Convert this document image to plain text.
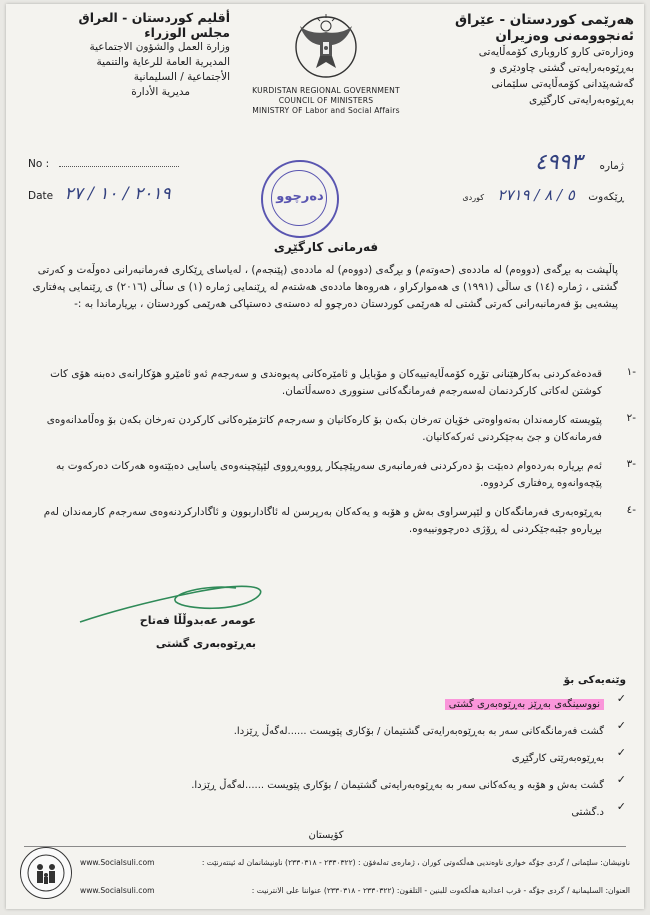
أقليم كوردستان - العراق
مجلس الوزراء
وزارة العمل والشؤون الاجتماعية
المديرية العامة للرعاية والتنمية
الأجتماعية / السليمانية
مديرية الأدارة	KURDISTAN REGIONAL GOVERNMENT
COUNCIL OF MINISTERS
MINISTRY OF Labor and Social Affairs
هەرێمی کوردستان - عێراق
ئەنجوومەنی وەزیران
وەزارەتی کارو کاروباری کۆمەڵایەتی
بەڕێوەبەرایەتی گشتی چاودێری و
گەشەپێدانی کۆمەڵایەتی سلێمانی
بەڕێوەبەرایەتی کارگێڕی
No :
Date ٢٠١٩ / ١٠ / ٢٧
ژمارە ٤٩٩٣
ڕێکەوت ٥ / ٨ / ٢٧١٩ کوردی
دەرچوو
فەرمانی کارگێڕی
پاڵپشت بە بڕگەی (دووەم) لە ماددەی (حەوتەم) و بڕگەی (دووەم) لە ماددەی (پێنجەم) ، لەیاسای ڕێکاری فەرمانبەرانی دەوڵەت و کەرتی گشتی ، ژمارە (١٤) ی ساڵی (١٩٩١) ی هەموارکراو ، هەروەها ماددەی هەشتەم لە ڕێنمایی ژمارە (١) ی ساڵی (٢٠١٦) ی ڕێنمایی پەفتاری پیشەیی بۆ فەرمانبەرانی کەرتی گشتی لە هەرێمی کوردستان دەرچوو لە دەستەی دەستپاکی هەرێمی کوردستان ، بڕیارماندا بە :-
-١
قەدەغەکردنی بەکارهێنانی تۆڕە کۆمەڵایەتییەکان و مۆبایل و ئامێرەکانی پەیوەندی و سەرجەم ئەو ئامێرو هۆکارانەی دەبنە هۆی کات کوشتن لەکاتی کارکردنمان لەسەرجەم فەرمانگەکانی سنووری دەسەڵاتمان.
-٢
پێویستە کارمەندان بەتەواوەتی خۆیان تەرخان بکەن بۆ کارەکانیان و سەرجەم کاتژمێرەکانی کارکردن تەرخان بکەن بۆ وەڵامدانەوەی فەرمانەکان و جێ بەجێکردنی ئەرکەکانیان.
-٣
ئەم بڕیارە بەردەوام دەبێت بۆ دەرکردنی فەرمانبەری سەرپێچیکار ڕووبەڕووی لێپێچینەوەی یاسایی دەبێتەوە هەرکات دەرکەوت بە پێچەوانەوە ڕەفتاری کردووە.
-٤
بەڕێوەبەری فەرمانگەکان و لێپرسراوی بەش و هۆبە و یەکەکان بەرپرسن لە ئاگاداربوون و ئاگادارکردنەوەی سەرجەم کارمەندان لەم بڕیارەو جێبەجێکردنی لە ڕۆژی دەرچوونییەوە.
عومەر عەبدوڵڵا فەتاح
بەڕێوەبەری گشتی
وێنەیەکی بۆ
✓
نووسینگەی بەڕێز بەڕێوەبەری گشتی
✓
گشت فەرمانگەکانی سەر بە بەڕێوەبەرایەتی گشتیمان / بۆکاری پێویست ......لەگەڵ ڕێزدا.
✓
بەڕێوەبەرێتی کارگێڕی
✓
گشت بەش و هۆبە و یەکەکانی سەر بە بەڕێوەبەرایەتی گشتیمان / بۆکاری پێویست ......لەگەڵ ڕێزدا.
✓
د.گشتی
کۆیستان
www.Socialsuli.com
www.Socialsuli.com
ناونیشان: سلێمانی / گردی جۆگە خواری ناوەندیی هەڵکەوتی کوران ، ژمارەی تەلەفۆن : (٢٣٣٠٣٢٢ - ٢٣٣٠٣١٨) ناونیشانمان لە ئینتەرنێت :
العنوان: السليمانية / گردی جۆگە - قرب اعدادية هەڵکەوت للبنين - التلفون: (٢٣٣٠٣٢٢ - ٢٣٣٠٣١٨) عنواننا على الانترنيت :
